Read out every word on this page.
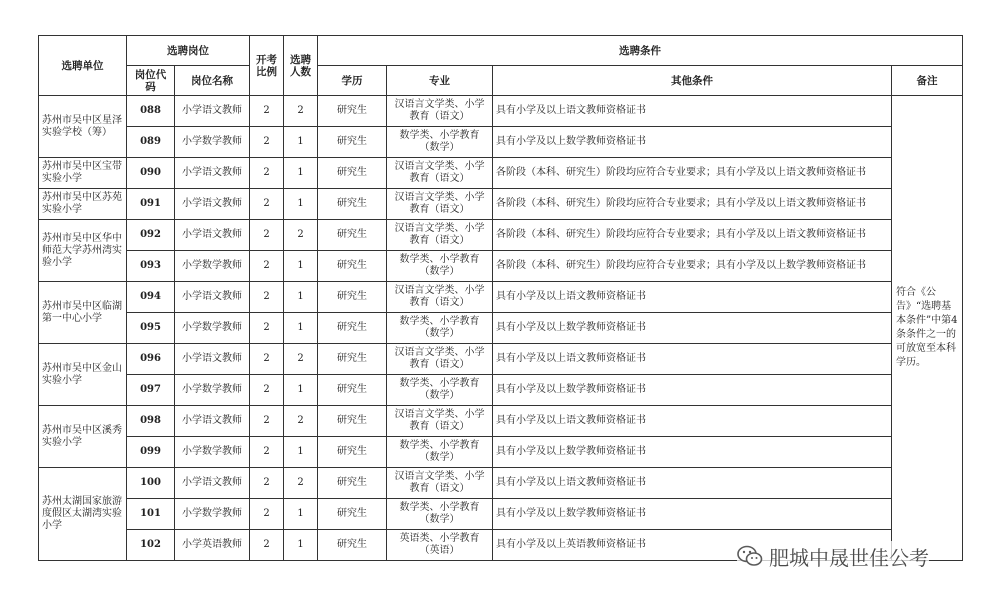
选聘单位	选聘岗位		开考比例	选聘人数	选聘条件			
	岗位代码	岗位名称			学历	专业	其他条件	备注
苏州市吴中区星泽实验学校（筹）	088	小学语文教师	2	2	研究生	汉语言文学类、小学教育（语文）	具有小学及以上语文教师资格证书	符合《公告》“选聘基本条件”中第4条条件之一的可放宽至本科学历。
	089	小学数学教师	2	1	研究生	数学类、小学教育（数学）	具有小学及以上数学教师资格证书	
苏州市吴中区宝带实验小学	090	小学语文教师	2	1	研究生	汉语言文学类、小学教育（语文）	各阶段（本科、研究生）阶段均应符合专业要求；具有小学及以上语文教师资格证书	
苏州市吴中区苏苑实验小学	091	小学语文教师	2	1	研究生	汉语言文学类、小学教育（语文）	各阶段（本科、研究生）阶段均应符合专业要求；具有小学及以上语文教师资格证书	
苏州市吴中区华中师范大学苏州湾实验小学	092	小学语文教师	2	2	研究生	汉语言文学类、小学教育（语文）	各阶段（本科、研究生）阶段均应符合专业要求；具有小学及以上语文教师资格证书	
	093	小学数学教师	2	1	研究生	数学类、小学教育（数学）	各阶段（本科、研究生）阶段均应符合专业要求；具有小学及以上数学教师资格证书	
苏州市吴中区临湖第一中心小学	094	小学语文教师	2	1	研究生	汉语言文学类、小学教育（语文）	具有小学及以上语文教师资格证书	
	095	小学数学教师	2	1	研究生	数学类、小学教育（数学）	具有小学及以上数学教师资格证书	
苏州市吴中区金山实验小学	096	小学语文教师	2	2	研究生	汉语言文学类、小学教育（语文）	具有小学及以上语文教师资格证书	
	097	小学数学教师	2	1	研究生	数学类、小学教育（数学）	具有小学及以上数学教师资格证书	
苏州市吴中区溪秀实验小学	098	小学语文教师	2	2	研究生	汉语言文学类、小学教育（语文）	具有小学及以上语文教师资格证书	
	099	小学数学教师	2	1	研究生	数学类、小学教育（数学）	具有小学及以上数学教师资格证书	
苏州太湖国家旅游度假区太湖湾实验小学	100	小学语文教师	2	2	研究生	汉语言文学类、小学教育（语文）	具有小学及以上语文教师资格证书	
	101	小学数学教师	2	1	研究生	数学类、小学教育（数学）	具有小学及以上数学教师资格证书	
	102	小学英语教师	2	1	研究生	英语类、小学教育（英语）	具有小学及以上英语教师资格证书	
肥城中晟世佳公考
